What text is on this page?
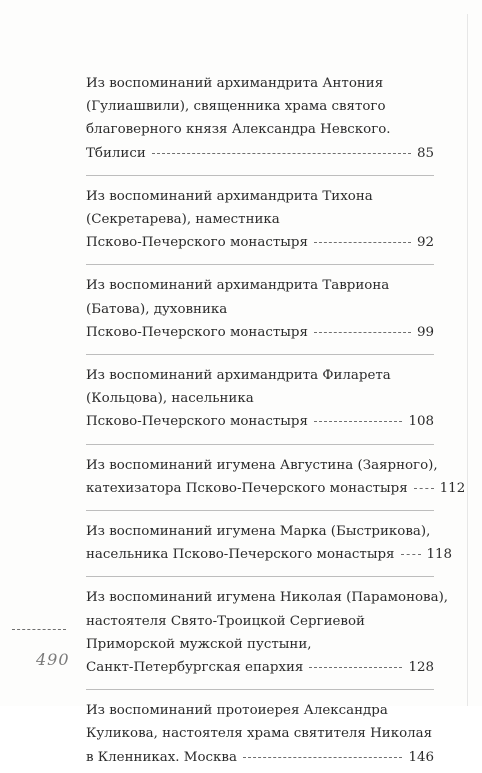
Из воспоминаний архимандрита Антония
(Гулиашвили), священника храма святого
благоверного князя Александра Невского.
Тбилиси	85
Из воспоминаний архимандрита Тихона
(Секретарева), наместника
Псково-Печерского монастыря	92
Из воспоминаний архимандрита Тавриона
(Батова), духовника
Псково-Печерского монастыря	99
Из воспоминаний архимандрита Филарета
(Кольцова), насельника
Псково-Печерского монастыря	108
Из воспоминаний игумена Августина (Заярного),
катехизатора Псково-Печерского монастыря 112
Из воспоминаний игумена Марка (Быстрикова),
насельника Псково-Печерского монастыря 118
Из воспоминаний игумена Николая (Парамонова),
настоятеля Свято-Троицкой Сергиевой
Приморской мужской пустыни,
Санкт-Петербургская епархия	128
Из воспоминаний протоиерея Александра
Куликова, настоятеля храма святителя Николая
в Кленниках. Москва	146
490
